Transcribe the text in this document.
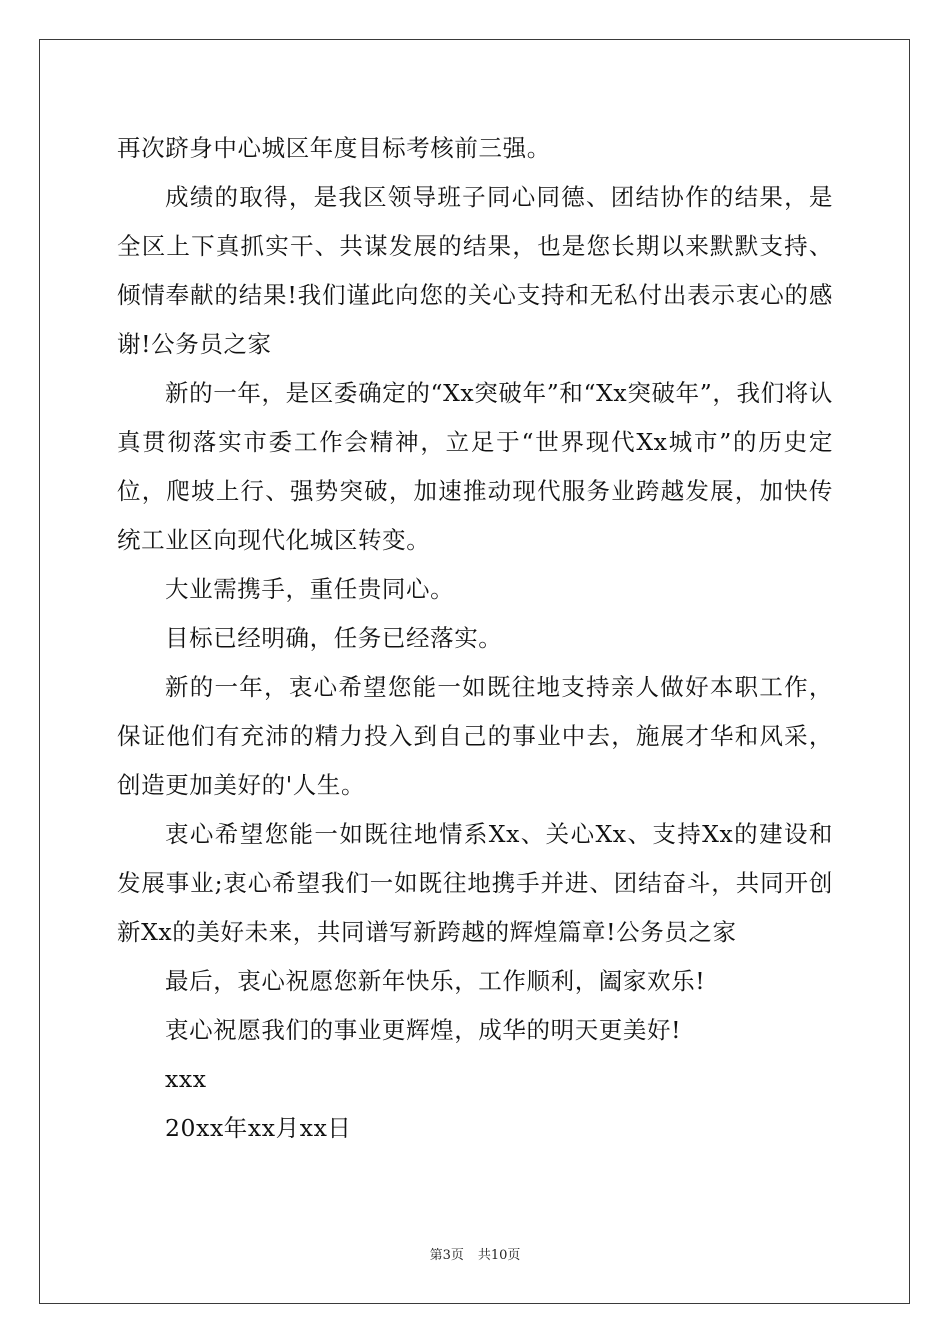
再次跻身中心城区年度目标考核前三强。

成绩的取得，是我区领导班子同心同德、团结协作的结果，是全区上下真抓实干、共谋发展的结果，也是您长期以来默默支持、倾情奉献的结果!我们谨此向您的关心支持和无私付出表示衷心的感谢!公务员之家

新的一年，是区委确定的“Xx突破年”和“Xx突破年”，我们将认真贯彻落实市委工作会精神，立足于“世界现代Xx城市”的历史定位，爬坡上行、强势突破，加速推动现代服务业跨越发展，加快传统工业区向现代化城区转变。

大业需携手，重任贵同心。

目标已经明确，任务已经落实。

新的一年，衷心希望您能一如既往地支持亲人做好本职工作，保证他们有充沛的精力投入到自己的事业中去，施展才华和风采，创造更加美好的'人生。

衷心希望您能一如既往地情系Xx、关心Xx、支持Xx的建设和发展事业;衷心希望我们一如既往地携手并进、团结奋斗，共同开创新Xx的美好未来，共同谱写新跨越的辉煌篇章!公务员之家

最后，衷心祝愿您新年快乐，工作顺利，阖家欢乐!

衷心祝愿我们的事业更辉煌，成华的明天更美好!

xxx

20xx年xx月xx日

第3页 共10页
